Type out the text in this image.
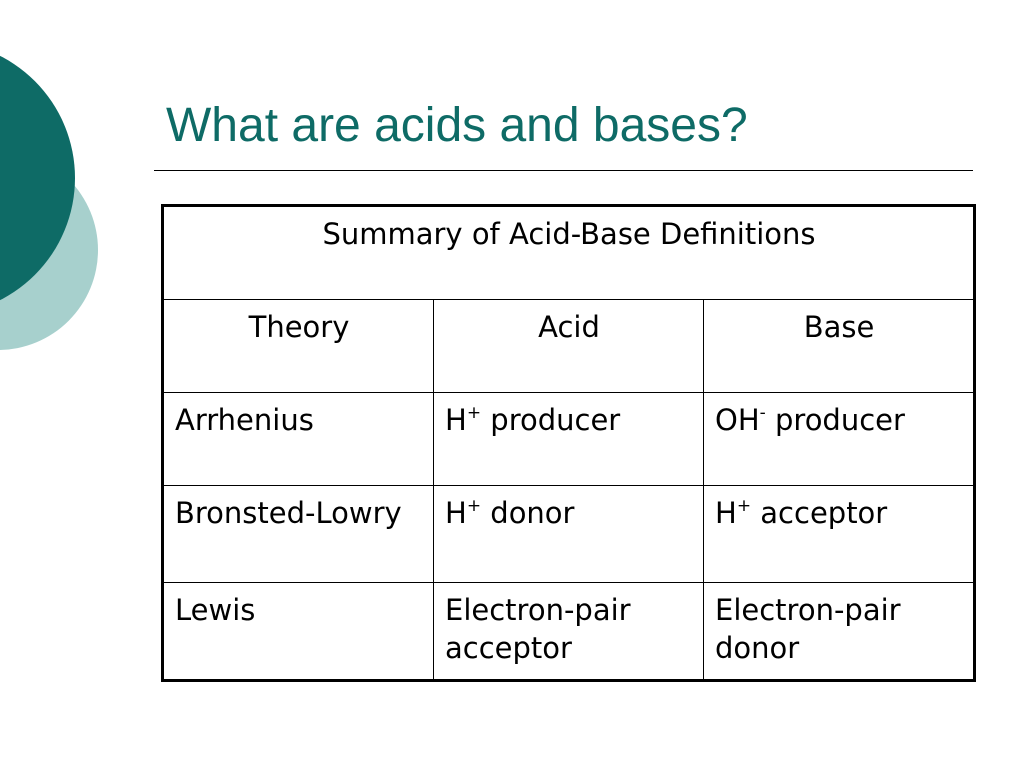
What are acids and bases?
Summary of Acid-Base Definitions		
Theory	Acid	Base
Arrhenius	H+ producer	OH- producer
Bronsted-Lowry	H+ donor	H+ acceptor
Lewis	Electron-pair acceptor	Electron-pair donor
